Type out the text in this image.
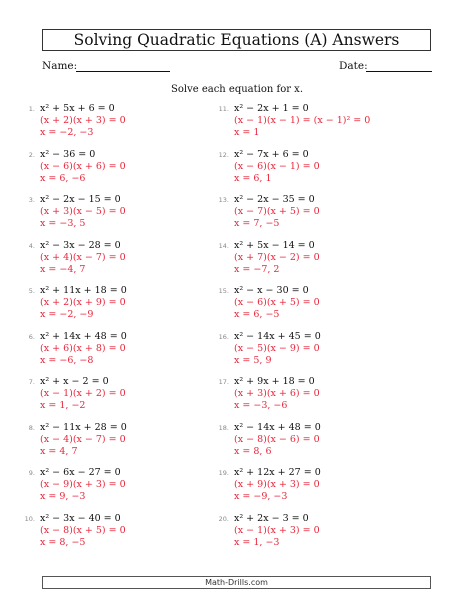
Solving Quadratic Equations (A) Answers
Name:	Date:
Solve each equation for x.
1. x² + 5x + 6 = 0
(x + 2)(x + 3) = 0
x = −2, −3
2. x² − 36 = 0
(x − 6)(x + 6) = 0
x = 6, −6
3. x² − 2x − 15 = 0
(x + 3)(x − 5) = 0
x = −3, 5
4. x² − 3x − 28 = 0
(x + 4)(x − 7) = 0
x = −4, 7
5. x² + 11x + 18 = 0
(x + 2)(x + 9) = 0
x = −2, −9
6. x² + 14x + 48 = 0
(x + 6)(x + 8) = 0
x = −6, −8
7. x² + x − 2 = 0
(x − 1)(x + 2) = 0
x = 1, −2
8. x² − 11x + 28 = 0
(x − 4)(x − 7) = 0
x = 4, 7
9. x² − 6x − 27 = 0
(x − 9)(x + 3) = 0
x = 9, −3
10. x² − 3x − 40 = 0
(x − 8)(x + 5) = 0
x = 8, −5
11. x² − 2x + 1 = 0
(x − 1)(x − 1) = (x − 1)² = 0
x = 1
12. x² − 7x + 6 = 0
(x − 6)(x − 1) = 0
x = 6, 1
13. x² − 2x − 35 = 0
(x − 7)(x + 5) = 0
x = 7, −5
14. x² + 5x − 14 = 0
(x + 7)(x − 2) = 0
x = −7, 2
15. x² − x − 30 = 0
(x − 6)(x + 5) = 0
x = 6, −5
16. x² − 14x + 45 = 0
(x − 5)(x − 9) = 0
x = 5, 9
17. x² + 9x + 18 = 0
(x + 3)(x + 6) = 0
x = −3, −6
18. x² − 14x + 48 = 0
(x − 8)(x − 6) = 0
x = 8, 6
19. x² + 12x + 27 = 0
(x + 9)(x + 3) = 0
x = −9, −3
20. x² + 2x − 3 = 0
(x − 1)(x + 3) = 0
x = 1, −3
Math-Drills.com
